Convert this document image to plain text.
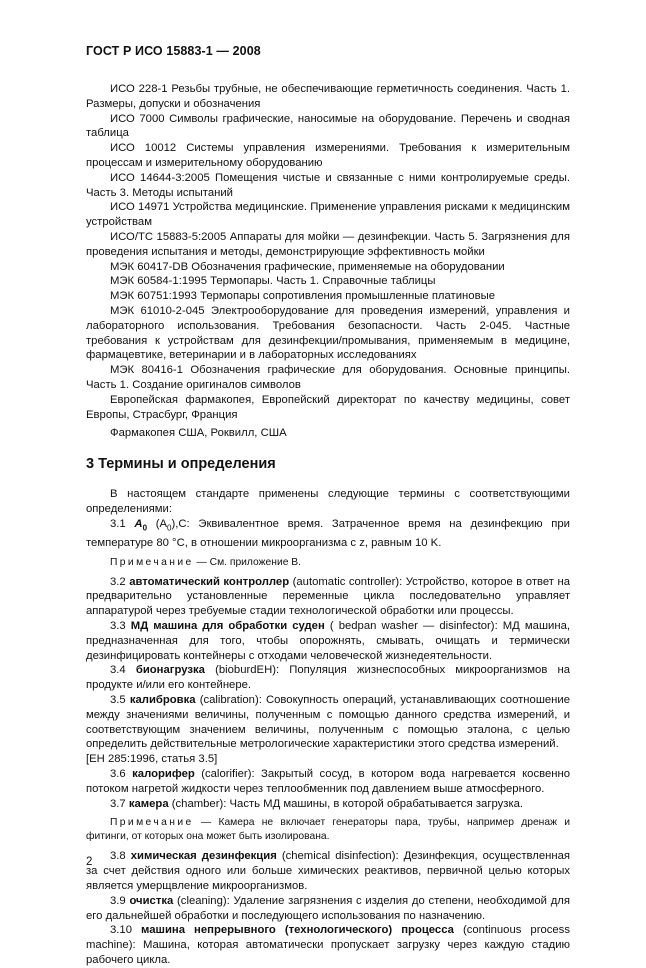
ГОСТ Р ИСО 15883-1 — 2008

ИСО 228-1 Резьбы трубные, не обеспечивающие герметичность соединения. Часть 1. Размеры, допуски и обозначения

ИСО 7000 Символы графические, наносимые на оборудование. Перечень и сводная таблица

ИСО 10012 Системы управления измерениями. Требования к измерительным процессам и измерительному оборудованию

ИСО 14644-3:2005 Помещения чистые и связанные с ними контролируемые среды. Часть 3. Методы испытаний

ИСО 14971 Устройства медицинские. Применение управления рисками к медицинским устройствам

ИСО/ТС 15883-5:2005 Аппараты для мойки — дезинфекции. Часть 5. Загрязнения для проведения испытания и методы, демонстрирующие эффективность мойки

МЭК 60417-DB Обозначения графические, применяемые на оборудовании

МЭК 60584-1:1995 Термопары. Часть 1. Справочные таблицы

МЭК 60751:1993 Термопары сопротивления промышленные платиновые

МЭК 61010-2-045 Электрооборудование для проведения измерений, управления и лабораторного использования. Требования безопасности. Часть 2-045. Частные требования к устройствам для дезинфекции/промывания, применяемым в медицине, фармацевтике, ветеринарии и в лабораторных исследованиях

МЭК 80416-1 Обозначения графические для оборудования. Основные принципы. Часть 1. Создание оригиналов символов

Европейская фармакопея, Европейский директорат по качеству медицины, совет Европы, Страсбург, Франция

Фармакопея США, Роквилл, США

3 Термины и определения

В настоящем стандарте применены следующие термины с соответствующими определениями:

3.1 $A_0$ $(A_0),С$: Эквивалентное время. Затраченное время на дезинфекцию при температуре 80 °С, в отношении микроорганизма с z, равным 10 K.

Примечание — См. приложение В.

3.2 автоматический контроллер (automatic controller): Устройство, которое в ответ на предварительно установленные переменные цикла последовательно управляет аппаратурой через требуемые стадии технологической обработки или процессы.

3.3 МД машина для обработки суден ( bedpan washer — disinfector): МД машина, предназначенная для того, чтобы опорожнять, смывать, очищать и термически дезинфицировать контейнеры с отходами человеческой жизнедеятельности.

3.4 бионагрузка (bioburdEH): Популяция жизнеспособных микроорганизмов на продукте и/или его контейнере.

3.5 калибровка (calibration): Совокупность операций, устанавливающих соотношение между значениями величины, полученным с помощью данного средства измерений, и соответствующим значением величины, полученным с помощью эталона, с целью определить действительные метрологические характеристики этого средства измерений.

[ЕН 285:1996, статья 3.5]

3.6 калорифер (calorifier): Закрытый сосуд, в котором вода нагревается косвенно потоком нагретой жидкости через теплообменник под давлением выше атмосферного.

3.7 камера (chamber): Часть МД машины, в которой обрабатывается загрузка.

Примечание — Камера не включает генераторы пара, трубы, например дренаж и фитинги, от которых она может быть изолирована.

3.8 химическая дезинфекция (chemical disinfection): Дезинфекция, осуществленная за счет действия одного или больше химических реактивов, первичной целью которых является умерщвление микроорганизмов.

3.9 очистка (cleaning): Удаление загрязнения с изделия до степени, необходимой для его дальнейшей обработки и последующего использования по назначению.

3.10 машина непрерывного (технологического) процесса (continuous process machine): Машина, которая автоматически пропускает загрузку через каждую стадию рабочего цикла.

2
